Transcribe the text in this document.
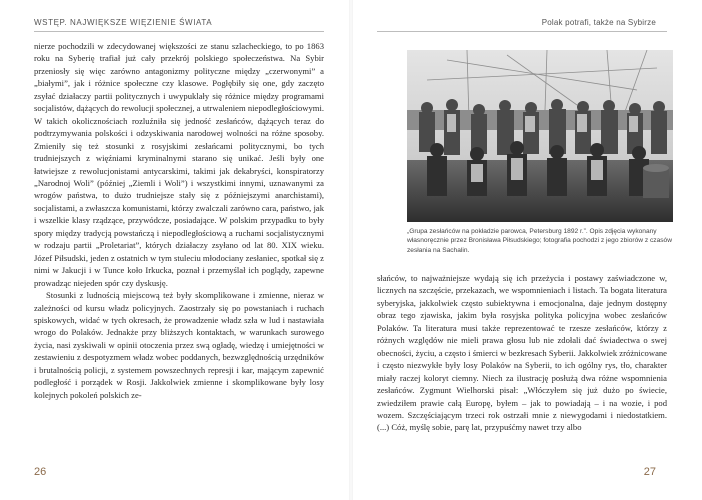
WSTĘP. NAJWIĘKSZE WIĘZIENIE ŚWIATA

nierze pochodzili w zdecydowanej większości ze stanu szlacheckiego, to po 1863 roku na Syberię trafiał już cały przekrój polskiego społeczeństwa. Na Sybir przeniosły się więc zarówno antagonizmy polityczne między „czerwonymi” a „białymi”, jak i różnice społeczne czy klasowe. Pogłębiły się one, gdy zaczęto zsyłać działaczy partii politycznych i uwypuklały się różnice między programami socjalistów, dążących do rewolucji społecznej, a utrwaleniem niepodległościowymi. W takich okolicznościach rozluźniła się jedność zesłańców, dążących teraz do podtrzymywania polskości i odzyskiwania narodowej wolności na różne sposoby. Zmieniły się też stosunki z rosyjskimi zesłańcami politycznymi, bo tych trudniejszych z więźniami kryminalnymi starano się unikać. Jeśli były one łatwiejsze z rewolucjonistami antycarskimi, takimi jak dekabryści, konspiratorzy „Narodnoj Woli” (później „Ziemli i Woli”) i wszystkimi innymi, uznawanymi za wrogów państwa, to dużo trudniejsze stały się z późniejszymi anarchistami), socjalistami, a zwłaszcza komunistami, którzy zwalczali zarówno cara, państwo, jak i wszelkie klasy rządzące, przywódcze, posiadające. W polskim przypadku to były spory między tradycją powstańczą i niepodległościową a ruchami socjalistycznymi w rodzaju partii „Proletariat”, których działaczy zsyłano od lat 80. XIX wieku. Józef Piłsudski, jeden z ostatnich w tym stuleciu młodociany zesłaniec, spotkał się z nimi w Jakucji i w Tunce koło Irkucka, poznał i przemyślał ich poglądy, zapewne prowadząc niejeden spór czy dyskusję.

Stosunki z ludnością miejscową też były skomplikowane i zmienne, nieraz w zależności od kursu władz policyjnych. Zaostrzały się po powstaniach i ruchach spiskowych, widać w tych okresach, że prowadzenie władz szła w lud i nastawiała wrogo do Polaków. Jednakże przy bliższych kontaktach, w warunkach surowego życia, nasi zyskiwali w opinii otoczenia przez swą ogładę, wiedzę i umiejętności w zestawieniu z despotyzmem władz wobec poddanych, bezwzględnością urzędników i brutalnością policji, z systemem powszechnych represji i kar, mającym zapewnić podległość i porządek w Rosji. Jakkolwiek zmienne i skomplikowane były losy kolejnych pokoleń polskich ze-

26
Polak potrafi, także na Sybirze
„Grupa zesłańców na pokładzie parowca, Petersburg 1892 r.”. Opis zdjęcia wykonany własnoręcznie przez Bronisława Piłsudskiego; fotografia pochodzi z jego zbiorów z czasów zesłania na Sachalin.

słańców, to najważniejsze wydają się ich przeżycia i postawy zaświadczone w, licznych na szczęście, przekazach, we wspomnieniach i listach. Ta bogata literatura syberyjska, jakkolwiek często subiektywna i emocjonalna, daje jednym dostępny obraz tego zjawiska, jakim była rosyjska polityka policyjna wobec zesłańców Polaków. Ta literatura musi także reprezentować te rzesze zesłańców, którzy z różnych względów nie mieli prawa głosu lub nie zdołali dać świadectwa o swej obecności, życiu, a często i śmierci w bezkresach Syberii. Jakkolwiek zróżnicowane i często niezwykłe były losy Polaków na Syberii, to ich ogólny rys, tło, charakter miały raczej koloryt ciemny. Niech za ilustrację posłużą dwa różne wspomnienia zesłańców. Zygmunt Wielhorski pisał: „Włóczyłem się już dużo po świecie, zwiedziłem prawie całą Europę, byłem – jak to powiadają – i na wozie, i pod wozem. Szczęściającym trzeci rok ostrzałi mnie z niewygodami i niedostatkiem. (...) Cóż, myślę sobie, parę lat, przypuśćmy nawet trzy albo

27
